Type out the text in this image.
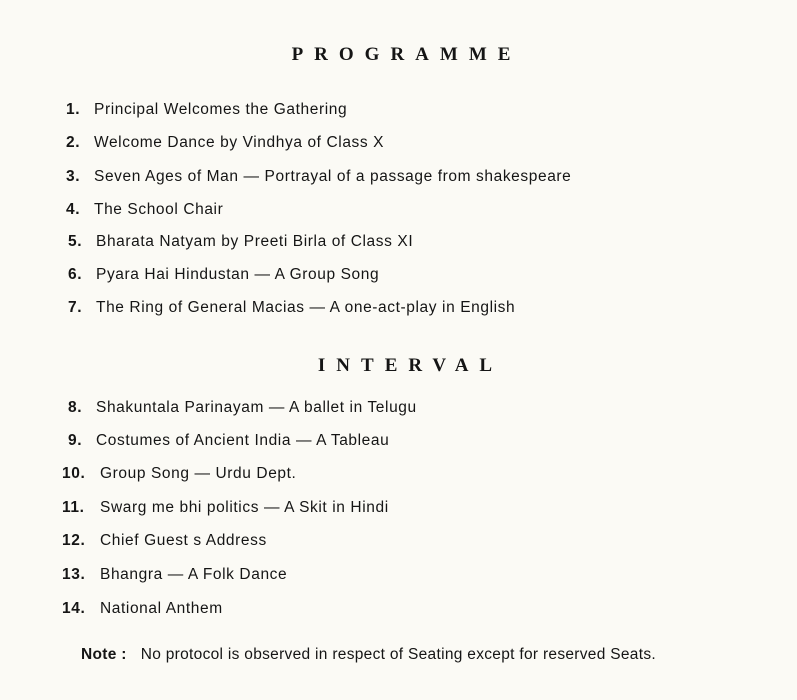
PROGRAMME
1. Principal Welcomes the Gathering
2. Welcome Dance by Vindhya of Class X
3. Seven Ages of Man — Portrayal of a passage from shakespeare
4. The School Chair
5. Bharata Natyam by Preeti Birla of Class XI
6. Pyara Hai Hindustan — A Group Song
7. The Ring of General Macias — A one-act-play in English
INTERVAL
8. Shakuntala Parinayam — A ballet in Telugu
9. Costumes of Ancient India — A Tableau
10. Group Song — Urdu Dept.
11. Swarg me bhi politics — A Skit in Hindi
12. Chief Guest s Address
13. Bhangra — A Folk Dance
14. National Anthem

Note : No protocol is observed in respect of Seating except for reserved Seats.
